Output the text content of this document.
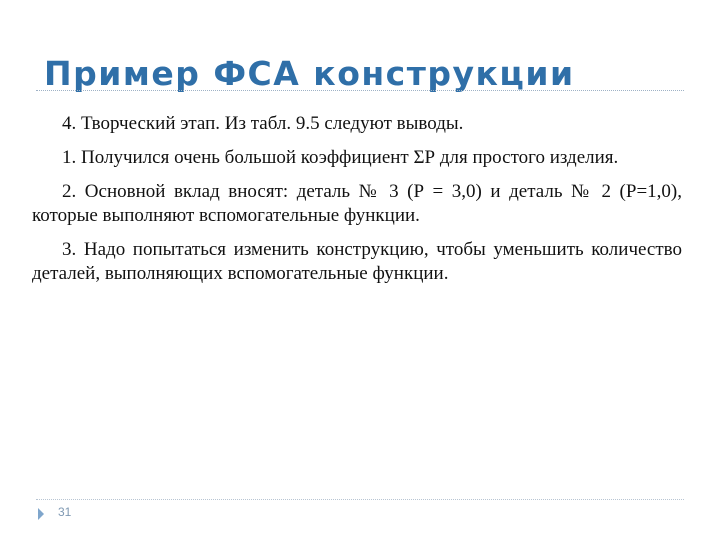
Пример ФСА конструкции

4. Творческий этап. Из табл. 9.5 следуют выводы.

1. Получился очень большой коэффициент ΣР для простого изделия.

2. Основной вклад вносят: деталь № 3 (Р = 3,0) и деталь № 2 (Р=1,0), которые выполняют вспомогательные функции.

3. Надо попытаться изменить конструкцию, чтобы уменьшить количество деталей, выполняющих вспомогательные функции.

31
